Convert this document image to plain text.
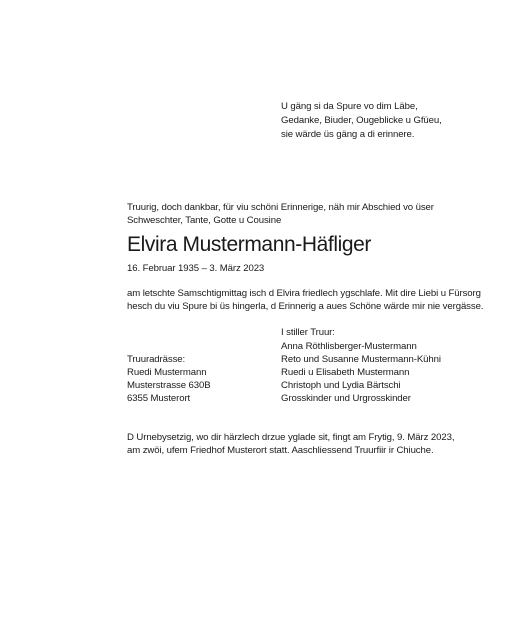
U gäng si da Spure vo dim Läbe,
Gedanke, Biuder, Ougeblicke u Gfüeu,
sie wärde üs gäng a di erinnere.
Truurig, doch dankbar, für viu schöni Erinnerige, näh mir Abschied vo üser
Schweschter, Tante, Gotte u Cousine
Elvira Mustermann-Häfliger
16. Februar 1935 – 3. März 2023
am letschte Samschtigmittag isch d Elvira friedlech ygschlafe. Mit dire Liebi u Fürsorg
hesch du viu Spure bi üs hingerla, d Erinnerig a aues Schöne wärde mir nie vergässe.
I stiller Truur:
Anna Röthlisberger-Mustermann
Reto und Susanne Mustermann-Kühni
Ruedi u Elisabeth Mustermann
Christoph und Lydia Bärtschi
Grosskinder und Urgrosskinder
Truuradrässe:
Ruedi Mustermann
Musterstrasse 630B
6355 Musterort
D Urnebysetzig, wo dir härzlech drzue yglade sit, fingt am Frytig, 9. März 2023,
am zwöi, ufem Friedhof Musterort statt. Aaschliessend Truurfiir ir Chiuche.
